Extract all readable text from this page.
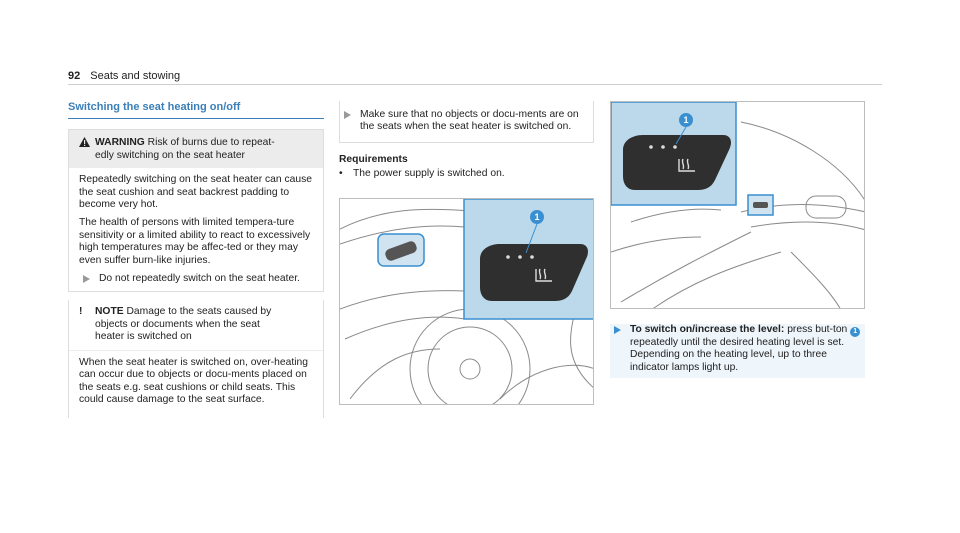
92 Seats and stowing
Switching the seat heating on/off
WARNING Risk of burns due to repeat-
edly switching on the seat heater

Repeatedly switching on the seat heater can cause the seat cushion and seat backrest padding to become very hot.

The health of persons with limited tempera-ture sensitivity or a limited ability to react to excessively high temperatures may be affec-ted or they may even suffer burn-like injuries.

Do not repeatedly switch on the seat heater.
!	NOTE Damage to the seats caused by
objects or documents when the seat
heater is switched on

When the seat heater is switched on, over-heating can occur due to objects or docu-ments placed on the seats e.g. seat cushions or child seats. This could cause damage to the seat surface.

Make sure that no objects or docu-ments are on the seats when the seat heater is switched on.
Requirements
•	The power supply is switched on.
1
1
To switch on/increase the level: press but-ton 1 repeatedly until the desired heating level is set.
Depending on the heating level, up to three indicator lamps light up.
